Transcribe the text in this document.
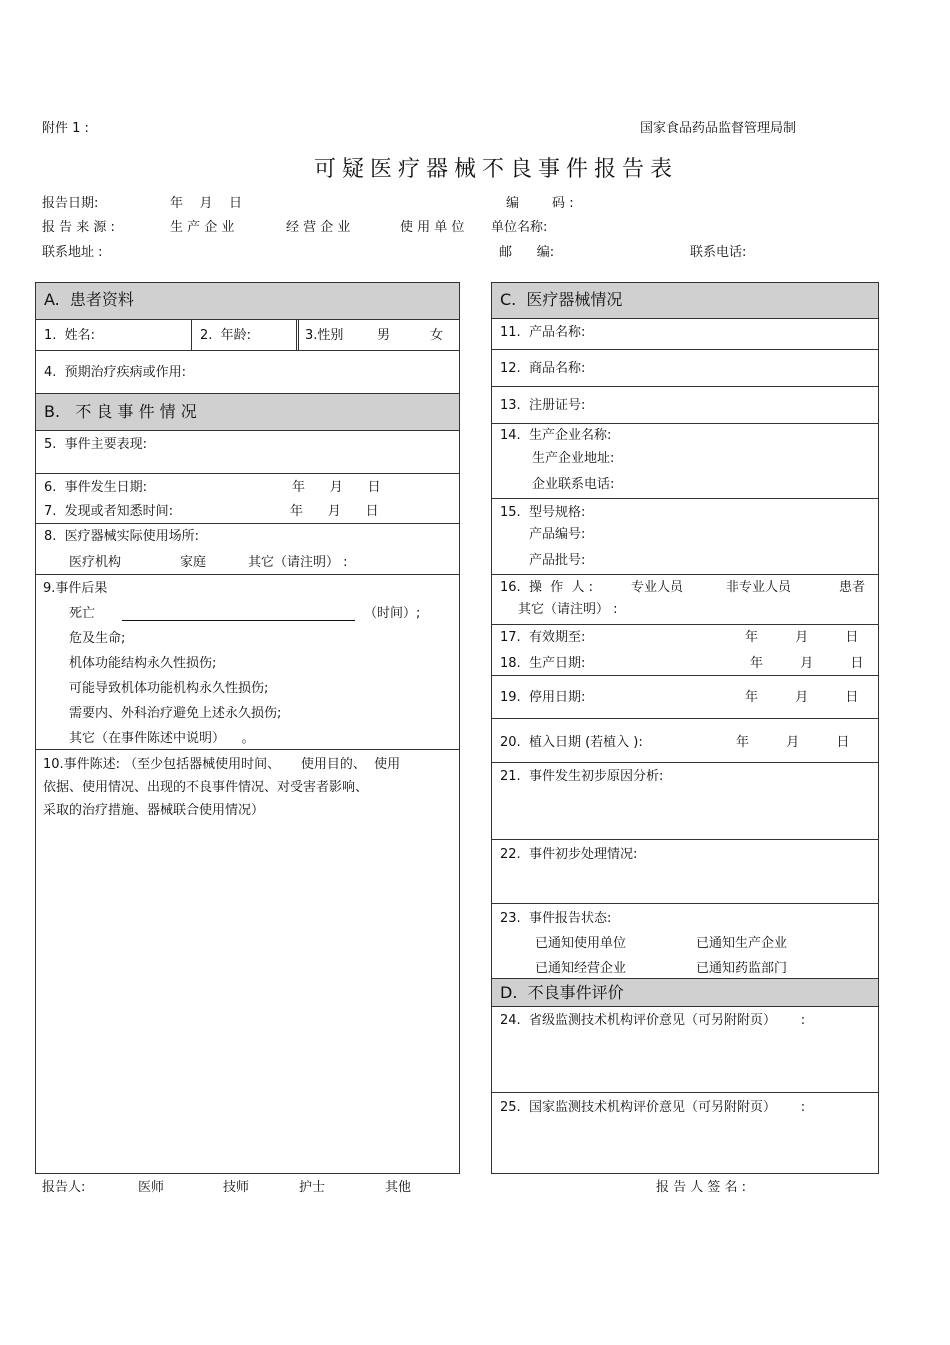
附件 1 :	国家食品药品监督管理局制
可疑医疗器械不良事件报告表
报告日期:	年    月    日	编        码 :
报 告 来 源 :	生 产 企 业	经 营 企 业	使 用 单 位 单位名称:
联系地址 :	邮      编:	联系电话:
A.  患者资料
1.  姓名:	2.  年龄:	3.性别	男	女
4.  预期治疗疾病或作用:
B.   不 良 事 件 情 况
5.  事件主要表现:
6.  事件发生日期:	年      月      日
7.  发现或者知悉时间:	年      月      日
8.  医疗器械实际使用场所:
医疗机构	家庭	其它（请注明） :
9.事件后果
死亡	（时间）;
危及生命;
机体功能结构永久性损伤;
可能导致机体功能机构永久性损伤;
需要内、外科治疗避免上述永久损伤;
其它（在事件陈述中说明）    。
10.事件陈述: （至少包括器械使用时间、     使用目的、  使用
依据、使用情况、出现的不良事件情况、对受害者影响、
采取的治疗措施、器械联合使用情况）
C.  医疗器械情况
11.  产品名称:
12.  商品名称:
13.  注册证号:
14.  生产企业名称:
生产企业地址:
企业联系电话:
15.  型号规格:
产品编号:
产品批号:
16.  操  作  人 :	专业人员	非专业人员	患者
其它（请注明） :
17.  有效期至:	年         月         日
18.  生产日期:	年         月         日
19.  停用日期:	年         月         日
20.  植入日期 (若植入 ):	年         月         日
21.  事件发生初步原因分析:
22.  事件初步处理情况:
23.  事件报告状态:
已通知使用单位	已通知生产企业
已通知经营企业	已通知药监部门
D.  不良事件评价
24.  省级监测技术机构评价意见（可另附附页）      :
25.  国家监测技术机构评价意见（可另附附页）      :
报告人:	医师	技师	护士	其他	报 告 人 签 名 :
